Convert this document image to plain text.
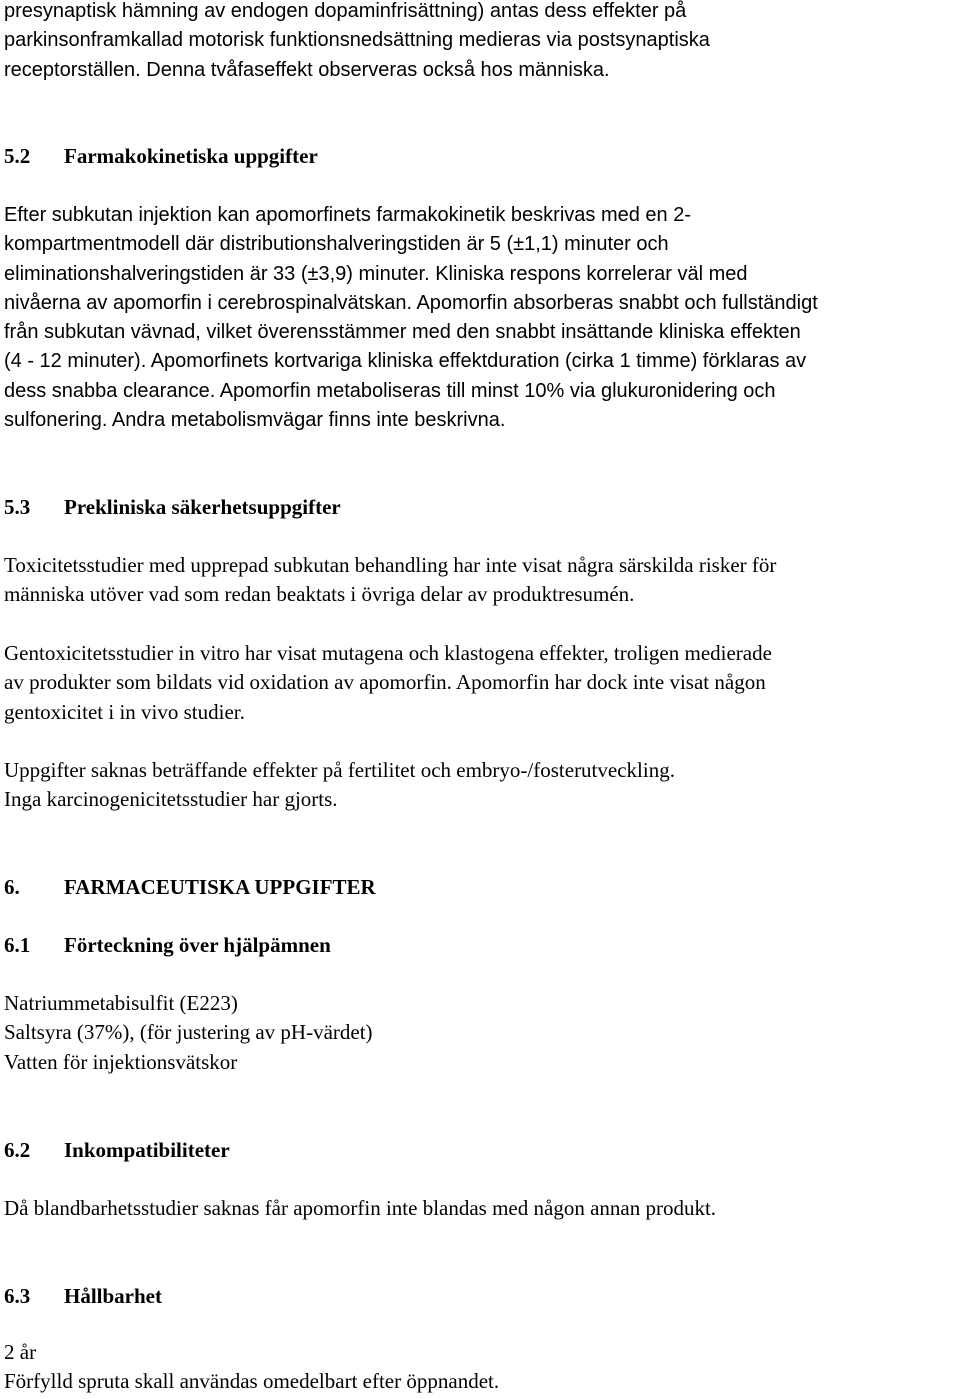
presynaptisk hämning av endogen dopaminfrisättning) antas dess effekter på
parkinsonframkallad motorisk funktionsnedsättning medieras via postsynaptiska
receptorställen. Denna tvåfaseffekt observeras också hos människa.
5.2 Farmakokinetiska uppgifter
Efter subkutan injektion kan apomorfinets farmakokinetik beskrivas med en 2-
kompartmentmodell där distributionshalveringstiden är 5 (±1,1) minuter och
eliminationshalveringstiden är 33 (±3,9) minuter. Kliniska respons korrelerar väl med
nivåerna av apomorfin i cerebrospinalvätskan. Apomorfin absorberas snabbt och fullständigt
från subkutan vävnad, vilket överensstämmer med den snabbt insättande kliniska effekten
(4 - 12 minuter). Apomorfinets kortvariga kliniska effektduration (cirka 1 timme) förklaras av
dess snabba clearance. Apomorfin metaboliseras till minst 10% via glukuronidering och
sulfonering. Andra metabolismvägar finns inte beskrivna.
5.3 Prekliniska säkerhetsuppgifter
Toxicitetsstudier med upprepad subkutan behandling har inte visat några särskilda risker för
människa utöver vad som redan beaktats i övriga delar av produktresumén.
Gentoxicitetsstudier in vitro har visat mutagena och klastogena effekter, troligen medierade
av produkter som bildats vid oxidation av apomorfin. Apomorfin har dock inte visat någon
gentoxicitet i in vivo studier.
Uppgifter saknas beträffande effekter på fertilitet och embryo-/fosterutveckling.
Inga karcinogenicitetsstudier har gjorts.
6. FARMACEUTISKA UPPGIFTER
6.1 Förteckning över hjälpämnen
Natriummetabisulfit (E223)
Saltsyra (37%), (för justering av pH-värdet)
Vatten för injektionsvätskor
6.2 Inkompatibiliteter
Då blandbarhetsstudier saknas får apomorfin inte blandas med någon annan produkt.
6.3 Hållbarhet
2 år
Förfylld spruta skall användas omedelbart efter öppnandet.
